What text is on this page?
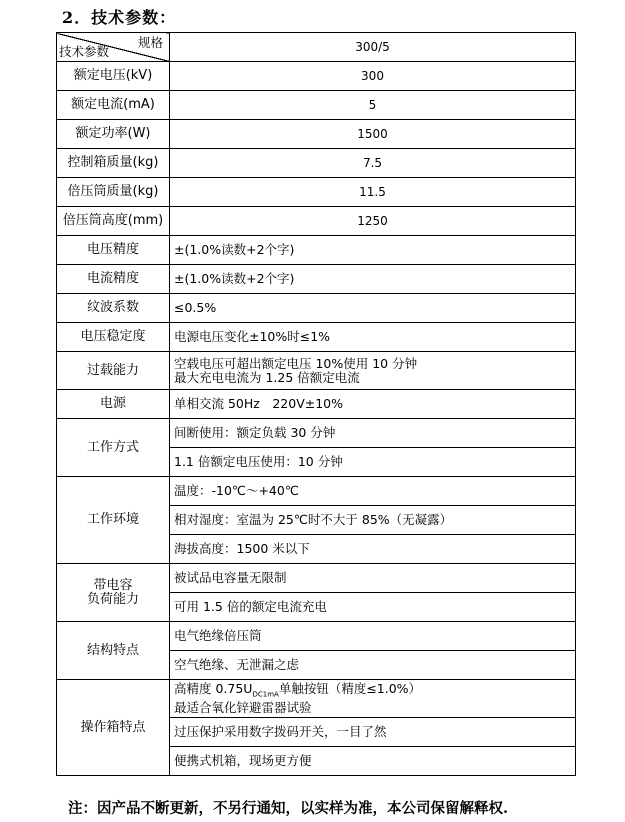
2．技术参数：
规格
技术参数	300/5
额定电压(kV)	300
额定电流(mA)	5
额定功率(W)	1500
控制箱质量(kg)	7.5
倍压筒质量(kg)	11.5
倍压筒高度(mm)	1250
电压精度	±(1.0%读数+2个字)
电流精度	±(1.0%读数+2个字)
纹波系数	≤0.5%
电压稳定度	电源电压变化±10%时≤1%
过载能力	空载电压可超出额定电压 10%使用 10 分钟
最大充电电流为 1.25 倍额定电流

电源	单相交流 50Hz　220V±10%
工作方式	间断使用：额定负载 30 分钟
	1.1 倍额定电压使用：10 分钟
工作环境	温度：-10℃～+40℃
	相对湿度：室温为 25℃时不大于 85%（无凝露）
	海拔高度：1500 米以下

带电容
负荷能力	被试品电容量无限制
	可用 1.5 倍的额定电流充电
结构特点	电气绝缘倍压筒
	空气绝缘、无泄漏之虑
操作箱特点	高精度 $0.75U_{DC1mA}$单触按钮（精度≤1.0%）
最适合氧化锌避雷器试验

	过压保护采用数字拨码开关，一目了然
	便携式机箱，现场更方便
注：因产品不断更新，不另行通知，以实样为准，本公司保留解释权.
